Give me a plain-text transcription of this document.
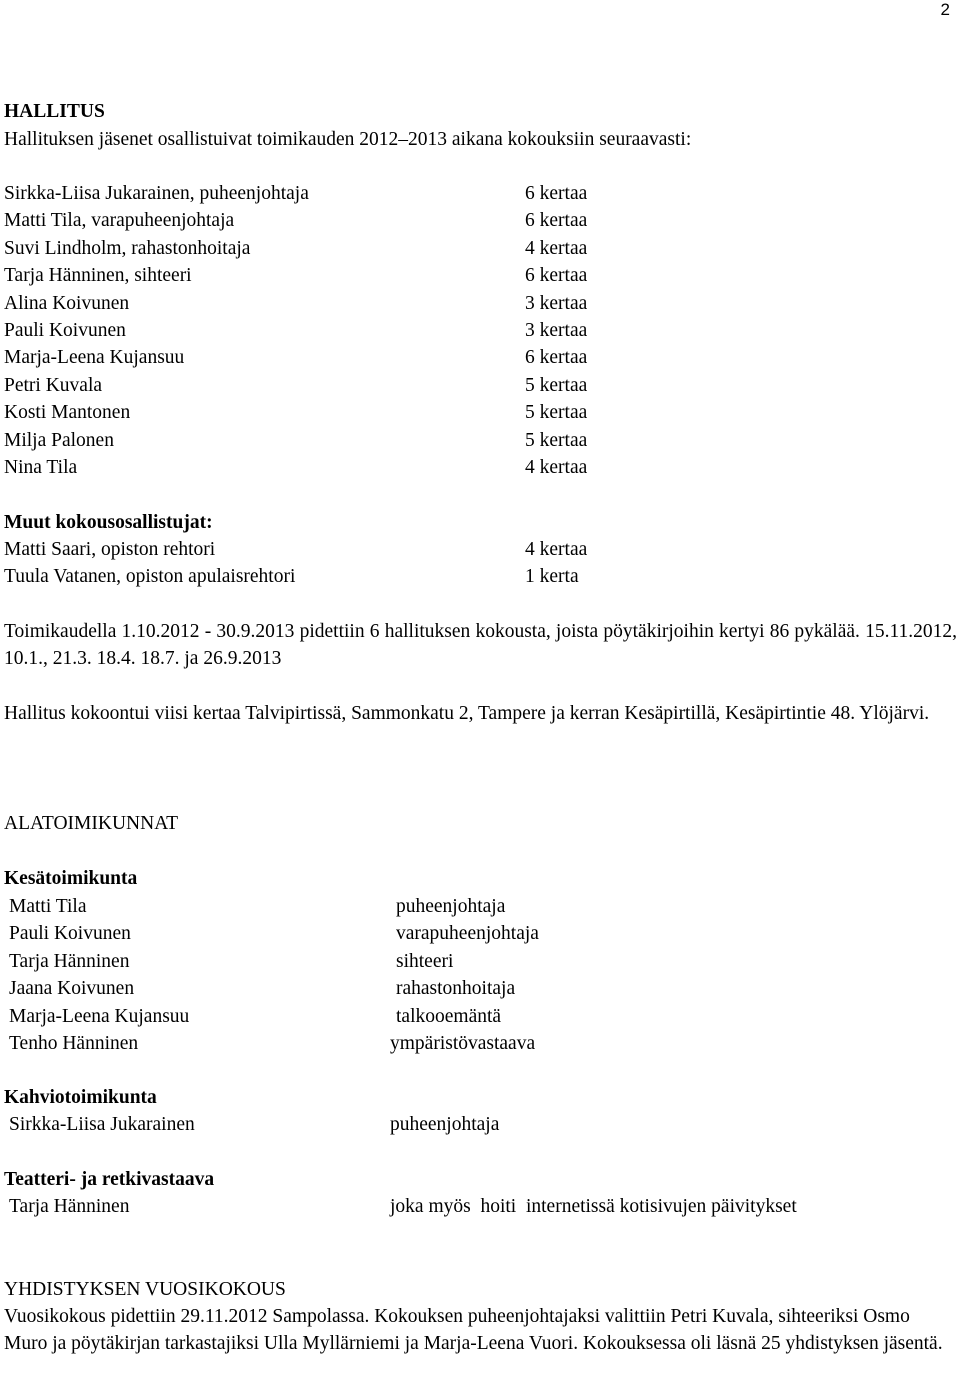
2
HALLITUS
Hallituksen jäsenet osallistuivat toimikauden 2012–2013 aikana kokouksiin seuraavasti:
Sirkka-Liisa Jukarainen, puheenjohtaja
Matti Tila, varapuheenjohtaja
Suvi Lindholm, rahastonhoitaja
Tarja Hänninen, sihteeri
Alina Koivunen
Pauli Koivunen
Marja-Leena Kujansuu
Petri Kuvala
Kosti Mantonen
Milja Palonen
Nina Tila
6 kertaa
6 kertaa
4 kertaa
6 kertaa
3 kertaa
3 kertaa
6 kertaa
5 kertaa
5 kertaa
5 kertaa
4 kertaa
Muut kokousosallistujat:
Matti Saari, opiston rehtori
Tuula Vatanen, opiston apulaisrehtori
4 kertaa
1 kerta
Toimikaudella 1.10.2012 - 30.9.2013 pidettiin 6 hallituksen kokousta, joista pöytäkirjoihin kertyi 86 pykälää. 15.11.2012, 10.1., 21.3. 18.4. 18.7. ja 26.9.2013
Hallitus kokoontui viisi kertaa Talvipirtissä, Sammonkatu 2, Tampere ja kerran Kesäpirtillä, Kesäpirtintie 48. Ylöjärvi.
ALATOIMIKUNNAT
Kesätoimikunta
Matti Tila
Pauli Koivunen
Tarja Hänninen
Jaana Koivunen
Marja-Leena Kujansuu
Tenho Hänninen
puheenjohtaja
varapuheenjohtaja
sihteeri
rahastonhoitaja
talkooemäntä
ympäristövastaava
Kahviotoimikunta
Sirkka-Liisa Jukarainen	puheenjohtaja
Teatteri- ja retkivastaava
Tarja Hänninen	joka myös  hoiti  internetissä kotisivujen päivitykset
YHDISTYKSEN VUOSIKOKOUS
Vuosikokous pidettiin 29.11.2012 Sampolassa. Kokouksen puheenjohtajaksi valittiin Petri Kuvala, sihteeriksi Osmo Muro ja pöytäkirjan tarkastajiksi Ulla Myllärniemi ja Marja-Leena Vuori. Kokouksessa oli läsnä 25 yhdistyksen jäsentä.
